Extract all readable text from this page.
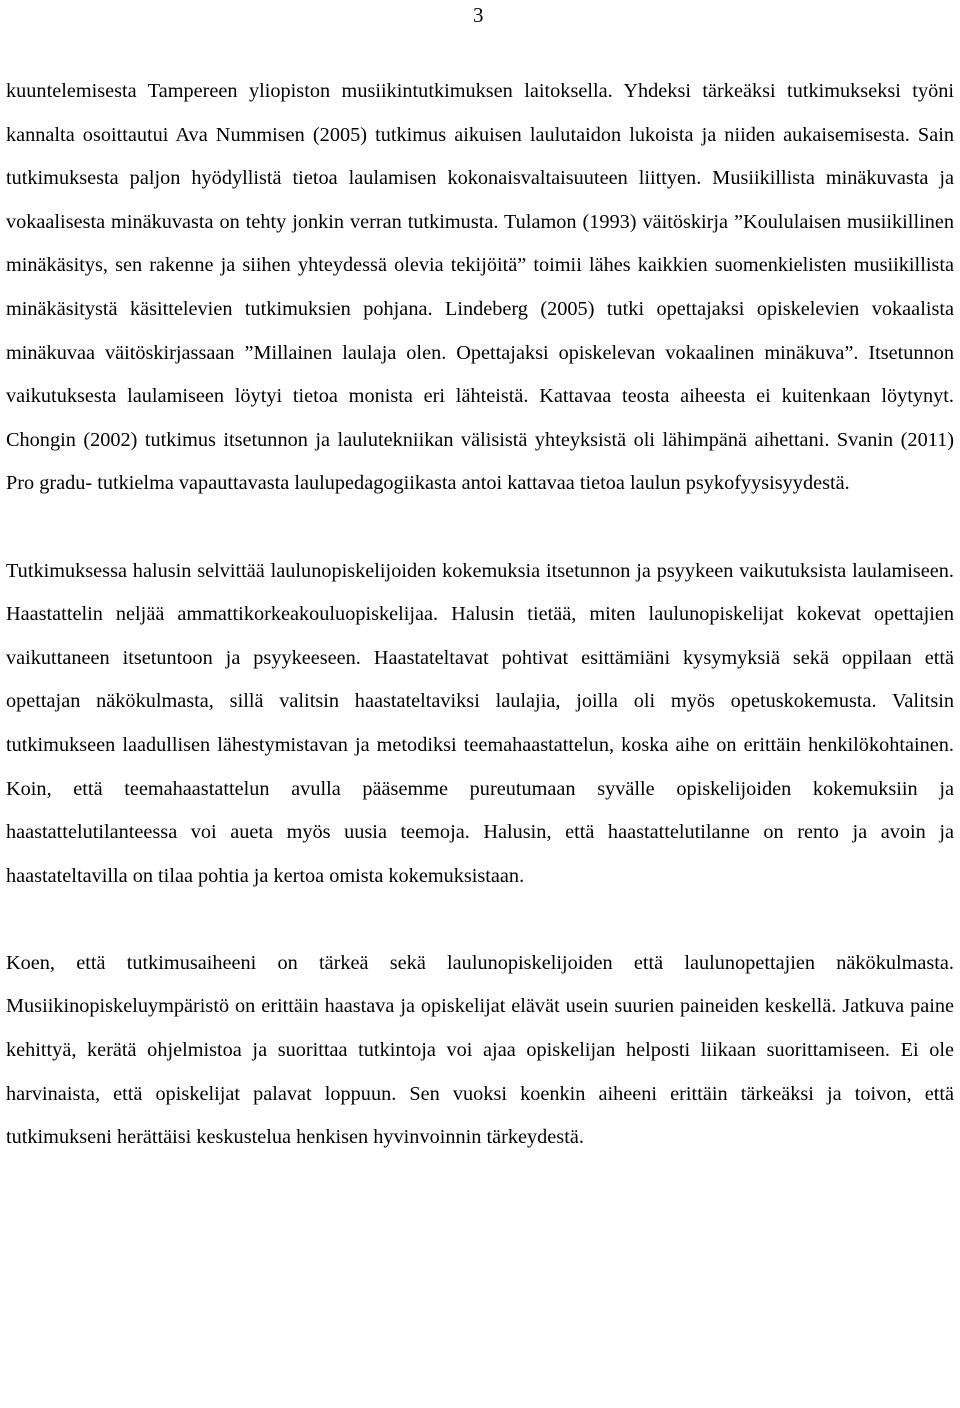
3

kuuntelemisesta Tampereen yliopiston musiikintutkimuksen laitoksella. Yhdeksi tärkeäksi tutkimukseksi työni kannalta osoittautui Ava Nummisen (2005) tutkimus aikuisen laulutaidon lukoista ja niiden aukaisemisesta. Sain tutkimuksesta paljon hyödyllistä tietoa laulamisen kokonaisvaltaisuuteen liittyen. Musiikillista minäkuvasta ja vokaalisesta minäkuvasta on tehty jonkin verran tutkimusta. Tulamon (1993) väitöskirja ”Koululaisen musiikillinen minäkäsitys, sen rakenne ja siihen yhteydessä olevia tekijöitä” toimii lähes kaikkien suomenkielisten musiikillista minäkäsitystä käsittelevien tutkimuksien pohjana. Lindeberg (2005) tutki opettajaksi opiskelevien vokaalista minäkuvaa väitöskirjassaan ”Millainen laulaja olen. Opettajaksi opiskelevan vokaalinen minäkuva”. Itsetunnon vaikutuksesta laulamiseen löytyi tietoa monista eri lähteistä. Kattavaa teosta aiheesta ei kuitenkaan löytynyt. Chongin (2002) tutkimus itsetunnon ja laulutekniikan välisistä yhteyksistä oli lähimpänä aihettani. Svanin (2011) Pro gradu- tutkielma vapauttavasta laulupedagogiikasta antoi kattavaa tietoa laulun psykofyysisyydestä.

Tutkimuksessa halusin selvittää laulunopiskelijoiden kokemuksia itsetunnon ja psyykeen vaikutuksista laulamiseen. Haastattelin neljää ammattikorkeakouluopiskelijaa. Halusin tietää, miten laulunopiskelijat kokevat opettajien vaikuttaneen itsetuntoon ja psyykeeseen. Haastateltavat pohtivat esittämiäni kysymyksiä sekä oppilaan että opettajan näkökulmasta, sillä valitsin haastateltaviksi laulajia, joilla oli myös opetuskokemusta. Valitsin tutkimukseen laadullisen lähestymistavan ja metodiksi teemahaastattelun, koska aihe on erittäin henkilökohtainen. Koin, että teemahaastattelun avulla pääsemme pureutumaan syvälle opiskelijoiden kokemuksiin ja haastattelutilanteessa voi aueta myös uusia teemoja. Halusin, että haastattelutilanne on rento ja avoin ja haastateltavilla on tilaa pohtia ja kertoa omista kokemuksistaan.

Koen, että tutkimusaiheeni on tärkeä sekä laulunopiskelijoiden että laulunopettajien näkökulmasta. Musiikinopiskeluympäristö on erittäin haastava ja opiskelijat elävät usein suurien paineiden keskellä. Jatkuva paine kehittyä, kerätä ohjelmistoa ja suorittaa tutkintoja voi ajaa opiskelijan helposti liikaan suorittamiseen. Ei ole harvinaista, että opiskelijat palavat loppuun. Sen vuoksi koenkin aiheeni erittäin tärkeäksi ja toivon, että tutkimukseni herättäisi keskustelua henkisen hyvinvoinnin tärkeydestä.
